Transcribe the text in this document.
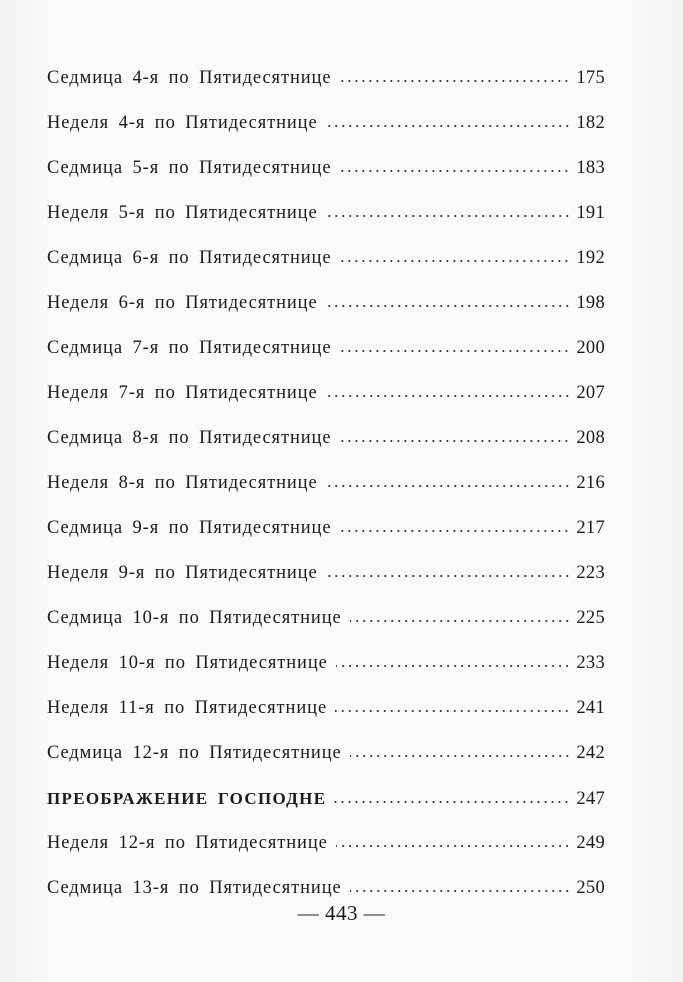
Седмица 4-я по Пятидесятнице	175
Неделя 4-я по Пятидесятнице	182
Седмица 5-я по Пятидесятнице	183
Неделя 5-я по Пятидесятнице	191
Седмица 6-я по Пятидесятнице	192
Неделя 6-я по Пятидесятнице	198
Седмица 7-я по Пятидесятнице	200
Неделя 7-я по Пятидесятнице	207
Седмица 8-я по Пятидесятнице	208
Неделя 8-я по Пятидесятнице	216
Седмица 9-я по Пятидесятнице	217
Неделя 9-я по Пятидесятнице	223
Седмица 10-я по Пятидесятнице	225
Неделя 10-я по Пятидесятнице	233
Неделя 11-я по Пятидесятнице	241
Седмица 12-я по Пятидесятнице	242
ПРЕОБРАЖЕНИЕ ГОСПОДНЕ	247
Неделя 12-я по Пятидесятнице	249
Седмица 13-я по Пятидесятнице	250
— 443 —
